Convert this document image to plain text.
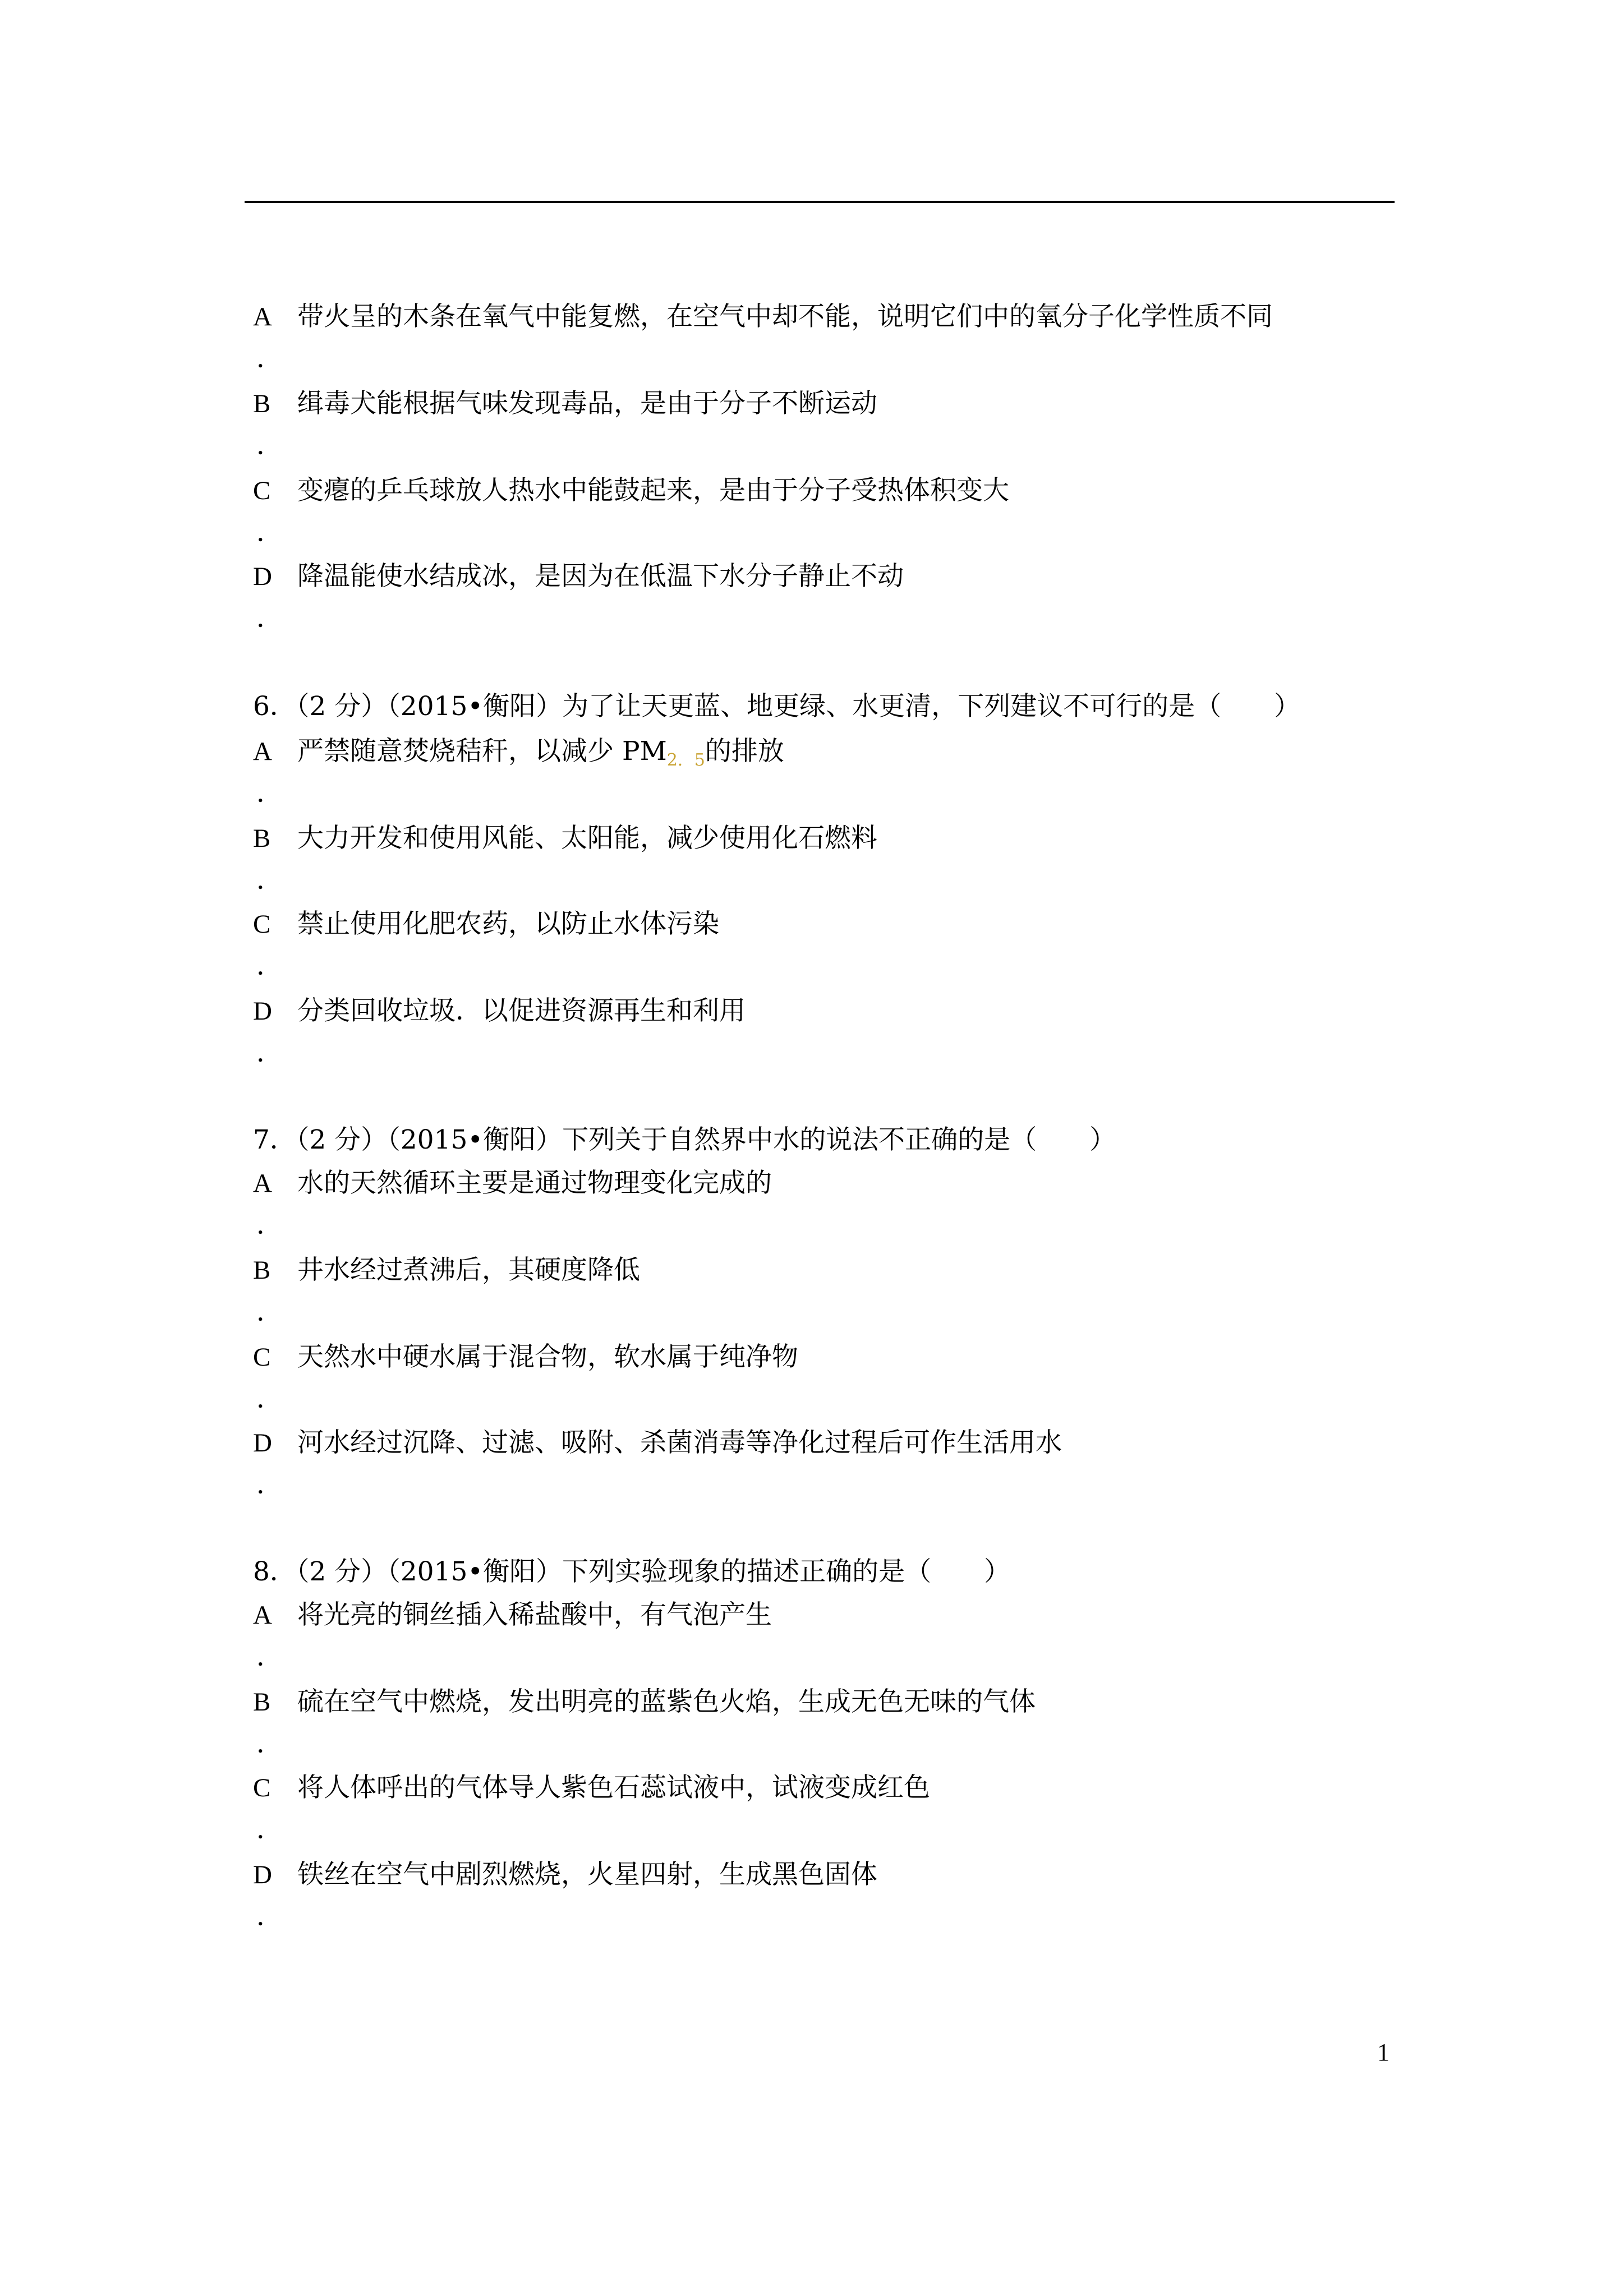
A 带火呈的木条在氧气中能复燃，在空气中却不能，说明它们中的氧分子化学性质不同
．
B 缉毒犬能根据气味发现毒品，是由于分子不断运动
．
C 变瘪的乒乓球放人热水中能鼓起来，是由于分子受热体积变大
．
D 降温能使水结成冰，是因为在低温下水分子静止不动
．
6．（2 分）（2015•衡阳）为了让天更蓝、地更绿、水更清，下列建议不可行的是（　　）
A 严禁随意焚烧秸秆，以减少 $PM_{2.5}$的排放
．
B 大力开发和使用风能、太阳能，减少使用化石燃料
．
C 禁止使用化肥农药，以防止水体污染
．
D 分类回收垃圾．以促进资源再生和利用
．
7．（2 分）（2015•衡阳）下列关于自然界中水的说法不正确的是（　　）
A 水的天然循环主要是通过物理变化完成的
．
B 井水经过煮沸后，其硬度降低
．
C 天然水中硬水属于混合物，软水属于纯净物
．
D 河水经过沉降、过滤、吸附、杀菌消毒等净化过程后可作生活用水
．
8．（2 分）（2015•衡阳）下列实验现象的描述正确的是（　　）
A 将光亮的铜丝插入稀盐酸中，有气泡产生
．
B 硫在空气中燃烧，发出明亮的蓝紫色火焰，生成无色无味的气体
．
C 将人体呼出的气体导人紫色石蕊试液中，试液变成红色
．
D 铁丝在空气中剧烈燃烧，火星四射，生成黑色固体
．
1
